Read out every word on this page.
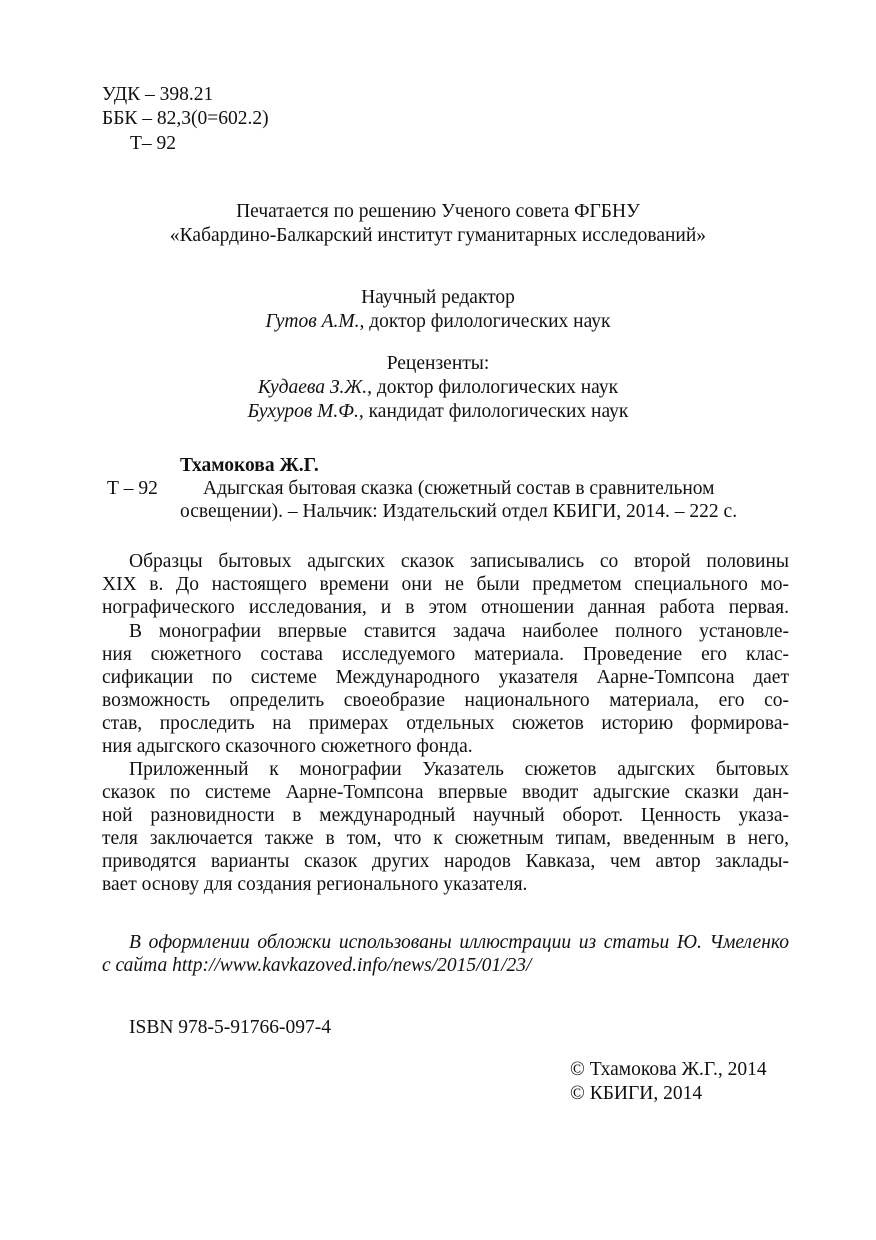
УДК – 398.21
ББК – 82,3(0=602.2)
Т– 92
Печатается по решению Ученого совета ФГБНУ
«Кабардино-Балкарский институт гуманитарных исследований»
Научный редактор
Гутов А.М., доктор филологических наук
Рецензенты:
Кудаева З.Ж., доктор филологических наук
Бухуров М.Ф., кандидат филологических наук
Тхамокова Ж.Г.
Т – 92 Адыгская бытовая сказка (сюжетный состав в сравнительном
освещении). – Нальчик: Издательский отдел КБИГИ, 2014. – 222 с.
Образцы бытовых адыгских сказок записывались со второй половины
XIX в. До настоящего времени они не были предметом специального мо-
нографического исследования, и в этом отношении данная работа первая.
В монографии впервые ставится задача наиболее полного установле-
ния сюжетного состава исследуемого материала. Проведение его клас-
сификации по системе Международного указателя Аарне-Томпсона дает
возможность определить своеобразие национального материала, его со-
став, проследить на примерах отдельных сюжетов историю формирова-
ния адыгского сказочного сюжетного фонда.
Приложенный к монографии Указатель сюжетов адыгских бытовых
сказок по системе Аарне-Томпсона впервые вводит адыгские сказки дан-
ной разновидности в международный научный оборот. Ценность указа-
теля заключается также в том, что к сюжетным типам, введенным в него,
приводятся варианты сказок других народов Кавказа, чем автор заклады-
вает основу для создания регионального указателя.
В оформлении обложки использованы иллюстрации из статьи Ю. Чмеленко
с сайта http://www.kavkazoved.info/news/2015/01/23/
ISBN 978-5-91766-097-4
© Тхамокова Ж.Г., 2014
© КБИГИ, 2014
